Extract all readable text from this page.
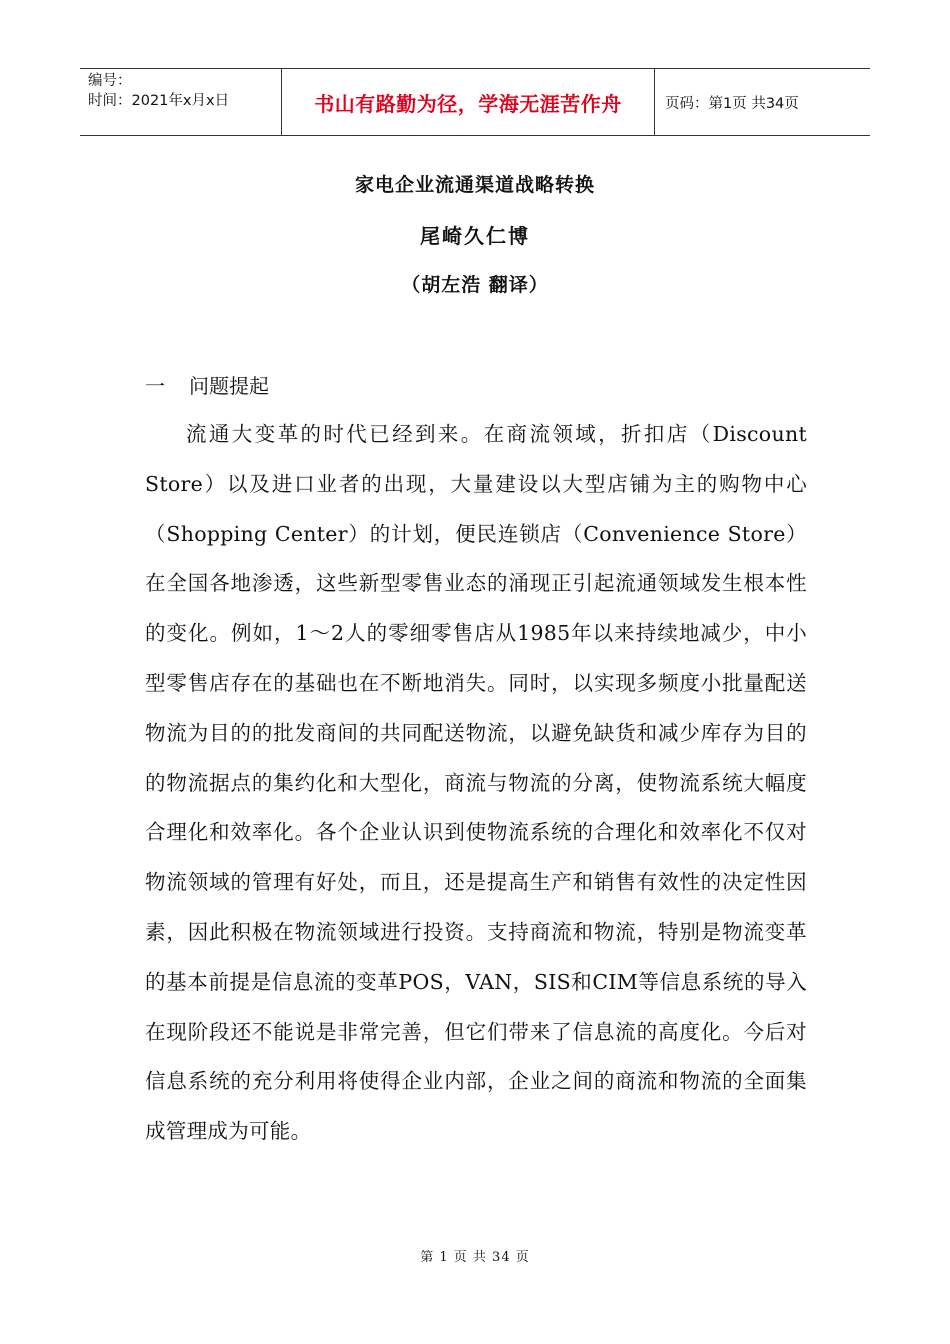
编号：
时间：2021年x月x日	书山有路勤为径，学海无涯苦作舟	页码：第1页 共34页
家电企业流通渠道战略转换
尾崎久仁博
（胡左浩 翻译）
一 问题提起

流通大变革的时代已经到来。在商流领域，折扣店（Discount Store）以及进口业者的出现，大量建设以大型店铺为主的购物中心（Shopping Center）的计划，便民连锁店（Convenience Store）在全国各地渗透，这些新型零售业态的涌现正引起流通领域发生根本性的变化。例如，1～2人的零细零售店从1985年以来持续地减少，中小型零售店存在的基础也在不断地消失。同时，以实现多频度小批量配送物流为目的的批发商间的共同配送物流，以避免缺货和减少库存为目的的物流据点的集约化和大型化，商流与物流的分离，使物流系统大幅度合理化和效率化。各个企业认识到使物流系统的合理化和效率化不仅对物流领域的管理有好处，而且，还是提高生产和销售有效性的决定性因素，因此积极在物流领域进行投资。支持商流和物流，特别是物流变革的基本前提是信息流的变革POS，VAN，SIS和CIM等信息系统的导入在现阶段还不能说是非常完善，但它们带来了信息流的高度化。今后对信息系统的充分利用将使得企业内部，企业之间的商流和物流的全面集成管理成为可能。

第 1 页 共 34 页
